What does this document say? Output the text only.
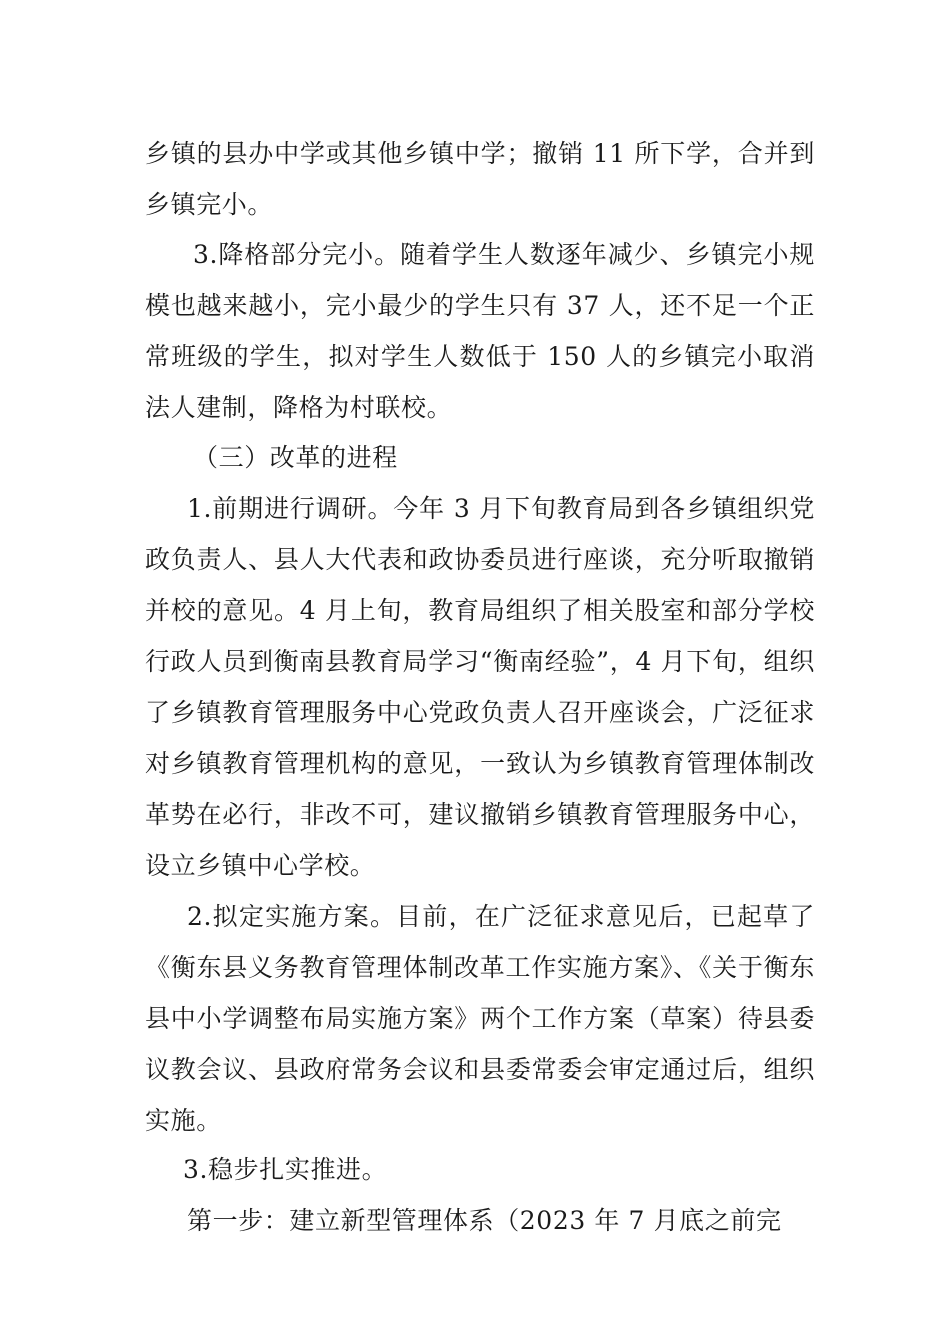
乡镇的县办中学或其他乡镇中学；撤销 11 所下学，合并到乡镇完小。

3.降格部分完小。随着学生人数逐年减少、乡镇完小规模也越来越小，完小最少的学生只有 37 人，还不足一个正常班级的学生，拟对学生人数低于 150 人的乡镇完小取消法人建制，降格为村联校。

（三）改革的进程

1.前期进行调研。今年 3 月下旬教育局到各乡镇组织党政负责人、县人大代表和政协委员进行座谈，充分听取撤销并校的意见。4 月上旬，教育局组织了相关股室和部分学校行政人员到衡南县教育局学习“衡南经验”，4 月下旬，组织了乡镇教育管理服务中心党政负责人召开座谈会，广泛征求对乡镇教育管理机构的意见，一致认为乡镇教育管理体制改革势在必行，非改不可，建议撤销乡镇教育管理服务中心，设立乡镇中心学校。

2.拟定实施方案。目前，在广泛征求意见后，已起草了《衡东县义务教育管理体制改革工作实施方案》、《关于衡东县中小学调整布局实施方案》两个工作方案（草案）待县委议教会议、县政府常务会议和县委常委会审定通过后，组织实施。

3.稳步扎实推进。

第一步：建立新型管理体系（2023 年 7 月底之前完
